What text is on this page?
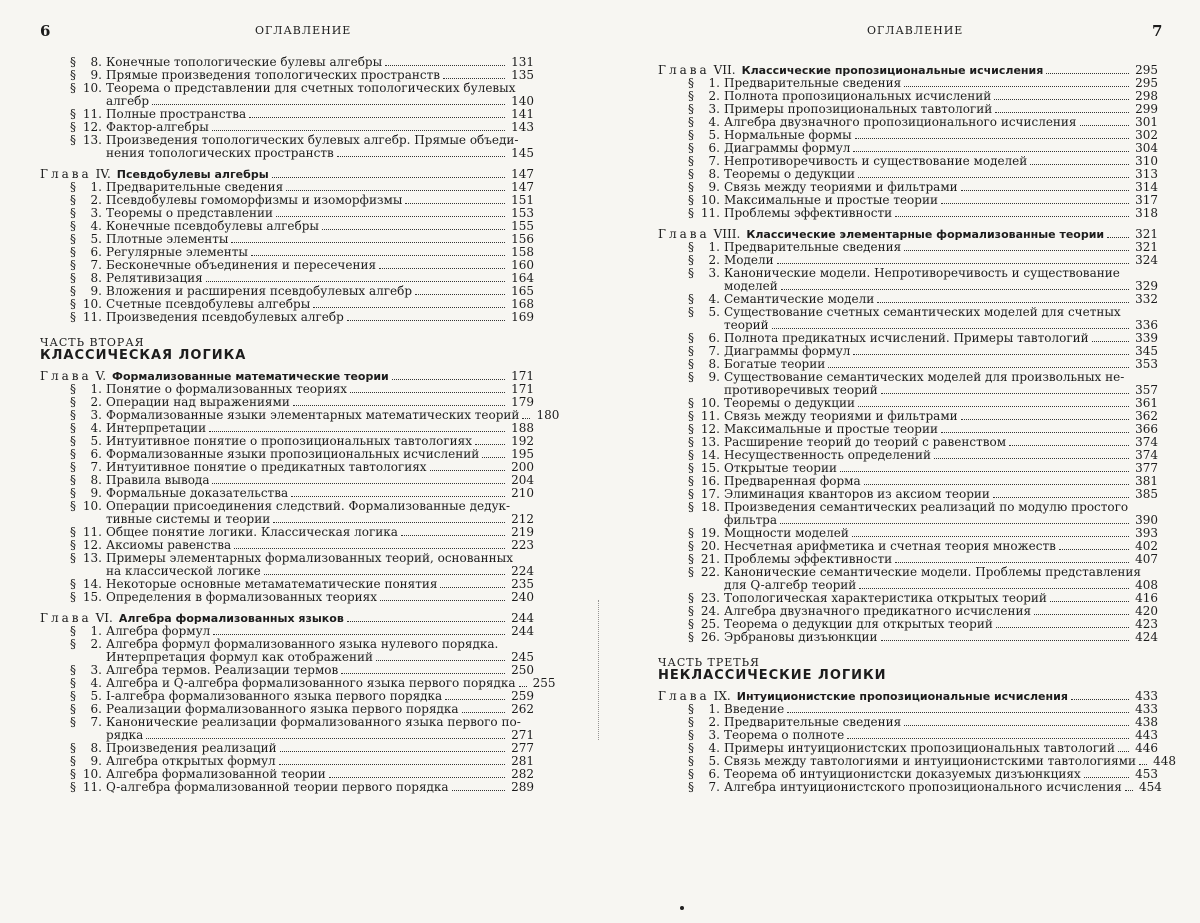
6	ОГЛАВЛЕНИЕ
§	8. Конечные топологические булевы алгебры	131
§	9. Прямые произведения топологических пространств	135
§ 10. Теорема о представлении для счетных топологических булевых
алгебр	140
§ 11. Полные пространства	141
§ 12. Фактор-алгебры	143
§ 13. Произведения топологических булевых алгебр. Прямые объеди-
нения топологических пространств	145
Глава IV. Псевдобулевы алгебры	147
§	1. Предварительные сведения	147
§	2. Псевдобулевы гомоморфизмы и изоморфизмы	151
§	3. Теоремы о представлении	153
§	4. Конечные псевдобулевы алгебры	155
§	5. Плотные элементы	156
§	6. Регулярные элементы	158
§	7. Бесконечные объединения и пересечения	160
§	8. Релятивизация	164
§	9. Вложения и расширения псевдобулевых алгебр	165
§ 10. Счетные псевдобулевы алгебры	168
§ 11. Произведения псевдобулевых алгебр	169
ЧАСТЬ ВТОРАЯ
КЛАССИЧЕСКАЯ ЛОГИКА
Глава V. Формализованные математические теории	171
§	1. Понятие о формализованных теориях	171
§	2. Операции над выражениями	179
§	3. Формализованные языки элементарных математических теорий 180
§	4. Интерпретации	188
§	5. Интуитивное понятие о пропозициональных тавтологиях	192
§	6. Формализованные языки пропозициональных исчислений	195
§	7. Интуитивное понятие о предикатных тавтологиях	200
§	8. Правила вывода	204
§	9. Формальные доказательства	210
§ 10. Операции присоединения следствий. Формализованные дедук-
тивные системы и теории	212
§ 11. Общее понятие логики. Классическая логика	219
§ 12. Аксиомы равенства	223
§ 13. Примеры элементарных формализованных теорий, основанных
на классической логике	224
§ 14. Некоторые основные метаматематические понятия	235
§ 15. Определения в формализованных теориях	240
Глава VI. Алгебра формализованных языков	244
§	1. Алгебра формул	244
§	2. Алгебра формул формализованного языка нулевого порядка.
Интерпретация формул как отображений	245
§	3. Алгебра термов. Реализации термов	250
§	4. Алгебра и Q-алгебра формализованного языка первого порядка 255
§	5. I-алгебра формализованного языка первого порядка	259
§	6. Реализации формализованного языка первого порядка	262
§	7. Канонические реализации формализованного языка первого по-
рядка	271
§	8. Произведения реализаций	277
§	9. Алгебра открытых формул	281
§ 10. Алгебра формализованной теории	282
§ 11. Q-алгебра формализованной теории первого порядка	289
ОГЛАВЛЕНИЕ	7
Глава VII. Классические пропозициональные исчисления	295
§	1. Предварительные сведения	295
§	2. Полнота пропозициональных исчислений	298
§	3. Примеры пропозициональных тавтологий	299
§	4. Алгебра двузначного пропозиционального исчисления	301
§	5. Нормальные формы	302
§	6. Диаграммы формул	304
§	7. Непротиворечивость и существование моделей	310
§	8. Теоремы о дедукции	313
§	9. Связь между теориями и фильтрами	314
§ 10. Максимальные и простые теории	317
§ 11. Проблемы эффективности	318
Глава VIII. Классические элементарные формализованные теории	321
§	1. Предварительные сведения	321
§	2. Модели	324
§	3. Канонические модели. Непротиворечивость и существование
моделей	329
§	4. Семантические модели	332
§	5. Существование счетных семантических моделей для счетных
теорий	336
§	6. Полнота предикатных исчислений. Примеры тавтологий	339
§	7. Диаграммы формул	345
§	8. Богатые теории	353
§	9. Существование семантических моделей для произвольных не-
противоречивых теорий	357
§ 10. Теоремы о дедукции	361
§ 11. Связь между теориями и фильтрами	362
§ 12. Максимальные и простые теории	366
§ 13. Расширение теорий до теорий с равенством	374
§ 14. Несущественность определений	374
§ 15. Открытые теории	377
§ 16. Предваренная форма	381
§ 17. Элиминация кванторов из аксиом теории	385
§ 18. Произведения семантических реализаций по модулю простого
фильтра	390
§ 19. Мощности моделей	393
§ 20. Несчетная арифметика и счетная теория множеств	402
§ 21. Проблемы эффективности	407
§ 22. Канонические семантические модели. Проблемы представления
для Q-алгебр теорий	408
§ 23. Топологическая характеристика открытых теорий	416
§ 24. Алгебра двузначного предикатного исчисления	420
§ 25. Теорема о дедукции для открытых теорий	423
§ 26. Эрбрановы дизъюнкции	424
ЧАСТЬ ТРЕТЬЯ
НЕКЛАССИЧЕСКИЕ ЛОГИКИ
Глава IX. Интуиционистские пропозициональные исчисления	433
§	1. Введение	433
§	2. Предварительные сведения	438
§	3. Теорема о полноте	443
§	4. Примеры интуиционистских пропозициональных тавтологий 446
§	5. Связь между тавтологиями и интуиционистскими тавтологиями 448
§	6. Теорема об интуиционистски доказуемых дизъюнкциях	453
§	7. Алгебра интуиционистского пропозиционального исчисления 454
